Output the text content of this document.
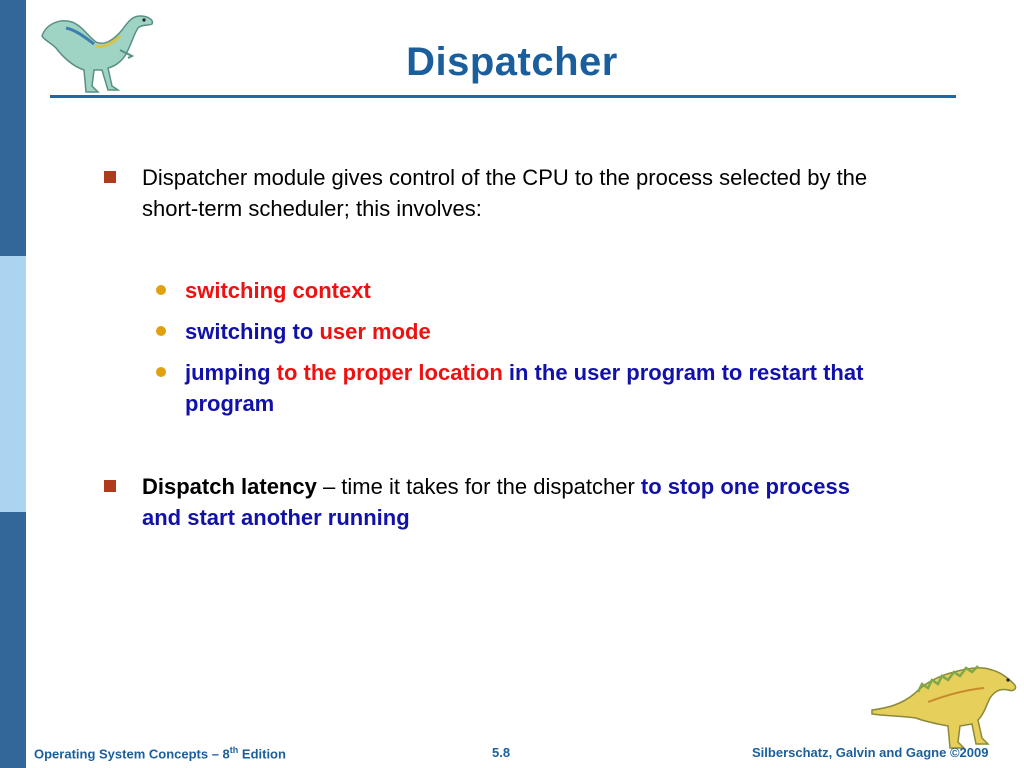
Dispatcher
Dispatcher module gives control of the CPU to the process selected by the short-term scheduler; this involves:
switching context
switching to user mode
jumping to the proper location in the user program to restart that program
Dispatch latency – time it takes for the dispatcher to stop one process and start another running
Operating System Concepts – 8th Edition	5.8	Silberschatz, Galvin and Gagne ©2009
